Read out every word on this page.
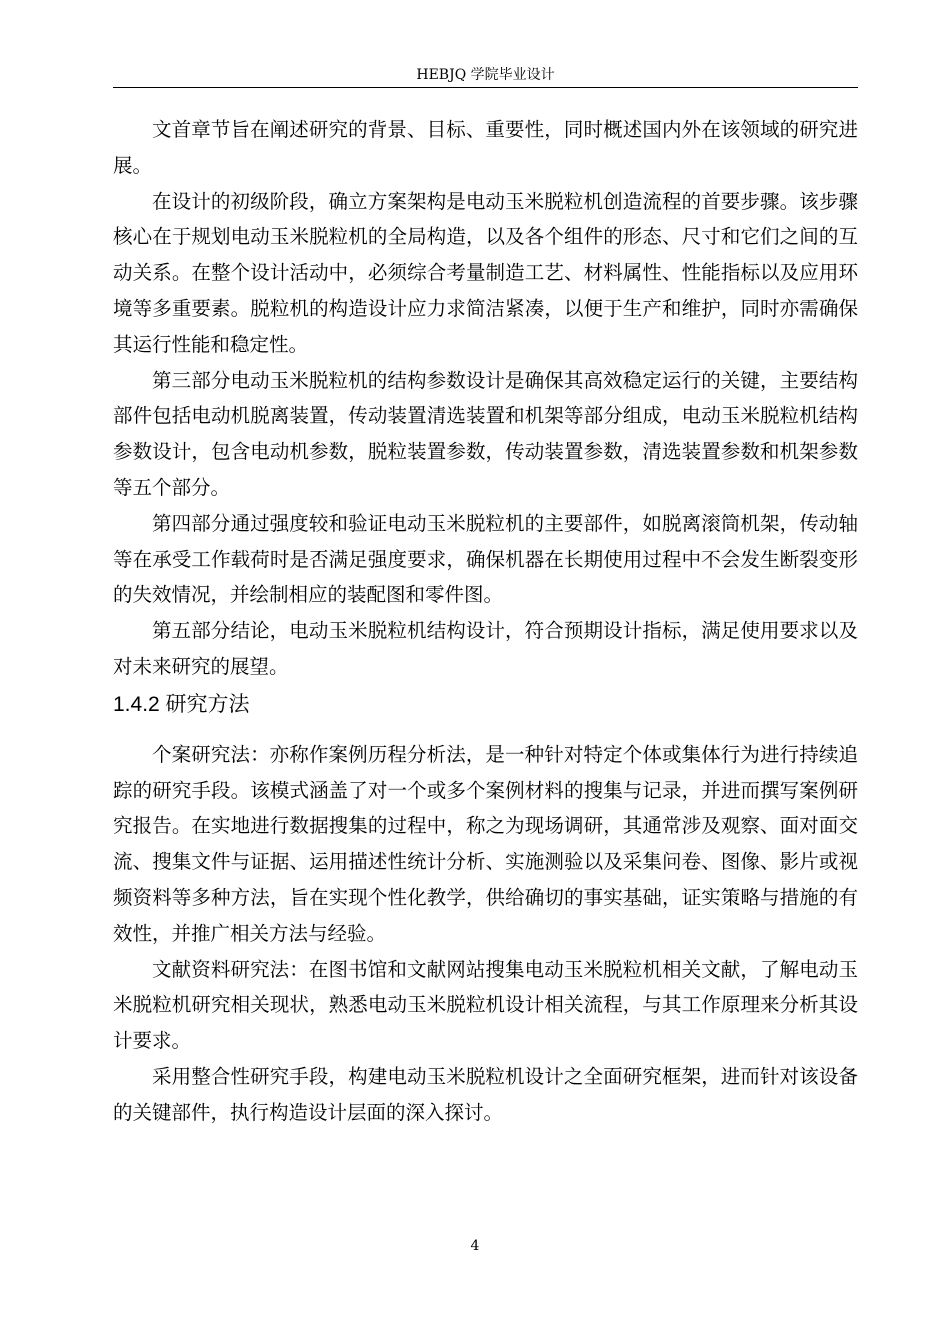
HEBJQ 学院毕业设计
文首章节旨在阐述研究的背景、目标、重要性，同时概述国内外在该领域的研究进
展。
在设计的初级阶段，确立方案架构是电动玉米脱粒机创造流程的首要步骤。该步骤
核心在于规划电动玉米脱粒机的全局构造，以及各个组件的形态、尺寸和它们之间的互
动关系。在整个设计活动中，必须综合考量制造工艺、材料属性、性能指标以及应用环
境等多重要素。脱粒机的构造设计应力求简洁紧凑，以便于生产和维护，同时亦需确保
其运行性能和稳定性。
第三部分电动玉米脱粒机的结构参数设计是确保其高效稳定运行的关键，主要结构
部件包括电动机脱离装置，传动装置清选装置和机架等部分组成，电动玉米脱粒机结构
参数设计，包含电动机参数，脱粒装置参数，传动装置参数，清选装置参数和机架参数
等五个部分。
第四部分通过强度较和验证电动玉米脱粒机的主要部件，如脱离滚筒机架，传动轴
等在承受工作载荷时是否满足强度要求，确保机器在长期使用过程中不会发生断裂变形
的失效情况，并绘制相应的装配图和零件图。
第五部分结论，电动玉米脱粒机结构设计，符合预期设计指标，满足使用要求以及
对未来研究的展望。
1.4.2 研究方法
个案研究法：亦称作案例历程分析法，是一种针对特定个体或集体行为进行持续追
踪的研究手段。该模式涵盖了对一个或多个案例材料的搜集与记录，并进而撰写案例研
究报告。在实地进行数据搜集的过程中，称之为现场调研，其通常涉及观察、面对面交
流、搜集文件与证据、运用描述性统计分析、实施测验以及采集问卷、图像、影片或视
频资料等多种方法，旨在实现个性化教学，供给确切的事实基础，证实策略与措施的有
效性，并推广相关方法与经验。
文献资料研究法：在图书馆和文献网站搜集电动玉米脱粒机相关文献，了解电动玉
米脱粒机研究相关现状，熟悉电动玉米脱粒机设计相关流程，与其工作原理来分析其设
计要求。
采用整合性研究手段，构建电动玉米脱粒机设计之全面研究框架，进而针对该设备
的关键部件，执行构造设计层面的深入探讨。
4
